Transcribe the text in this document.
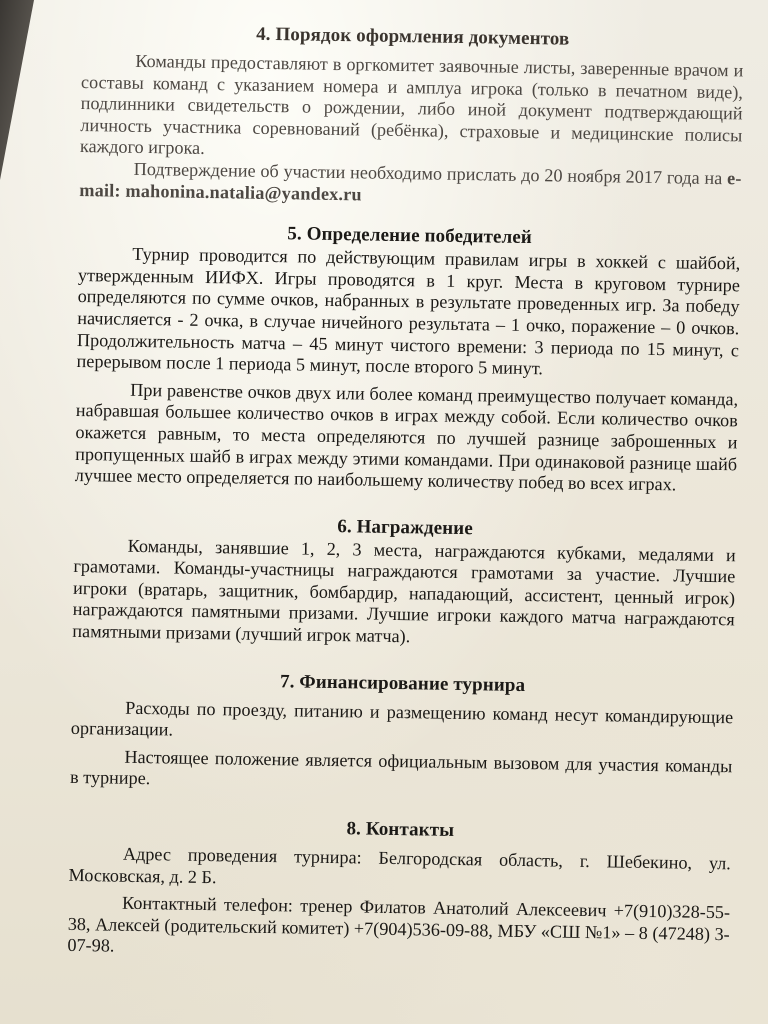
4. Порядок оформления документов

Команды предоставляют в оргкомитет заявочные листы, заверенные врачом и составы команд с указанием номера и амплуа игрока (только в печатном виде), подлинники свидетельств о рождении, либо иной документ подтверждающий личность участника соревнований (ребёнка), страховые и медицинские полисы каждого игрока.

Подтверждение об участии необходимо прислать до 20 ноября 2017 года на e-mail: mahonina.natalia@yandex.ru

5. Определение победителей

Турнир проводится по действующим правилам игры в хоккей с шайбой, утвержденным ИИФХ. Игры проводятся в 1 круг. Места в круговом турнире определяются по сумме очков, набранных в результате проведенных игр. За победу начисляется - 2 очка, в случае ничейного результата – 1 очко, поражение – 0 очков. Продолжительность матча – 45 минут чистого времени: 3 периода по 15 минут, с перерывом после 1 периода 5 минут, после второго 5 минут.

При равенстве очков двух или более команд преимущество получает команда, набравшая большее количество очков в играх между собой. Если количество очков окажется равным, то места определяются по лучшей разнице заброшенных и пропущенных шайб в играх между этими командами. При одинаковой разнице шайб лучшее место определяется по наибольшему количеству побед во всех играх.

6. Награждение

Команды, занявшие 1, 2, 3 места, награждаются кубками, медалями и грамотами. Команды-участницы награждаются грамотами за участие. Лучшие игроки (вратарь, защитник, бомбардир, нападающий, ассистент, ценный игрок) награждаются памятными призами. Лучшие игроки каждого матча награждаются памятными призами (лучший игрок матча).

7. Финансирование турнира

Расходы по проезду, питанию и размещению команд несут командирующие организации.

Настоящее положение является официальным вызовом для участия команды в турнире.

8. Контакты

Адрес проведения турнира: Белгородская область, г. Шебекино, ул. Московская, д. 2 Б.

Контактный телефон: тренер Филатов Анатолий Алексеевич +7(910)328-55-38, Алексей (родительский комитет) +7(904)536-09-88, МБУ «СШ №1» – 8 (47248) 3-07-98.
